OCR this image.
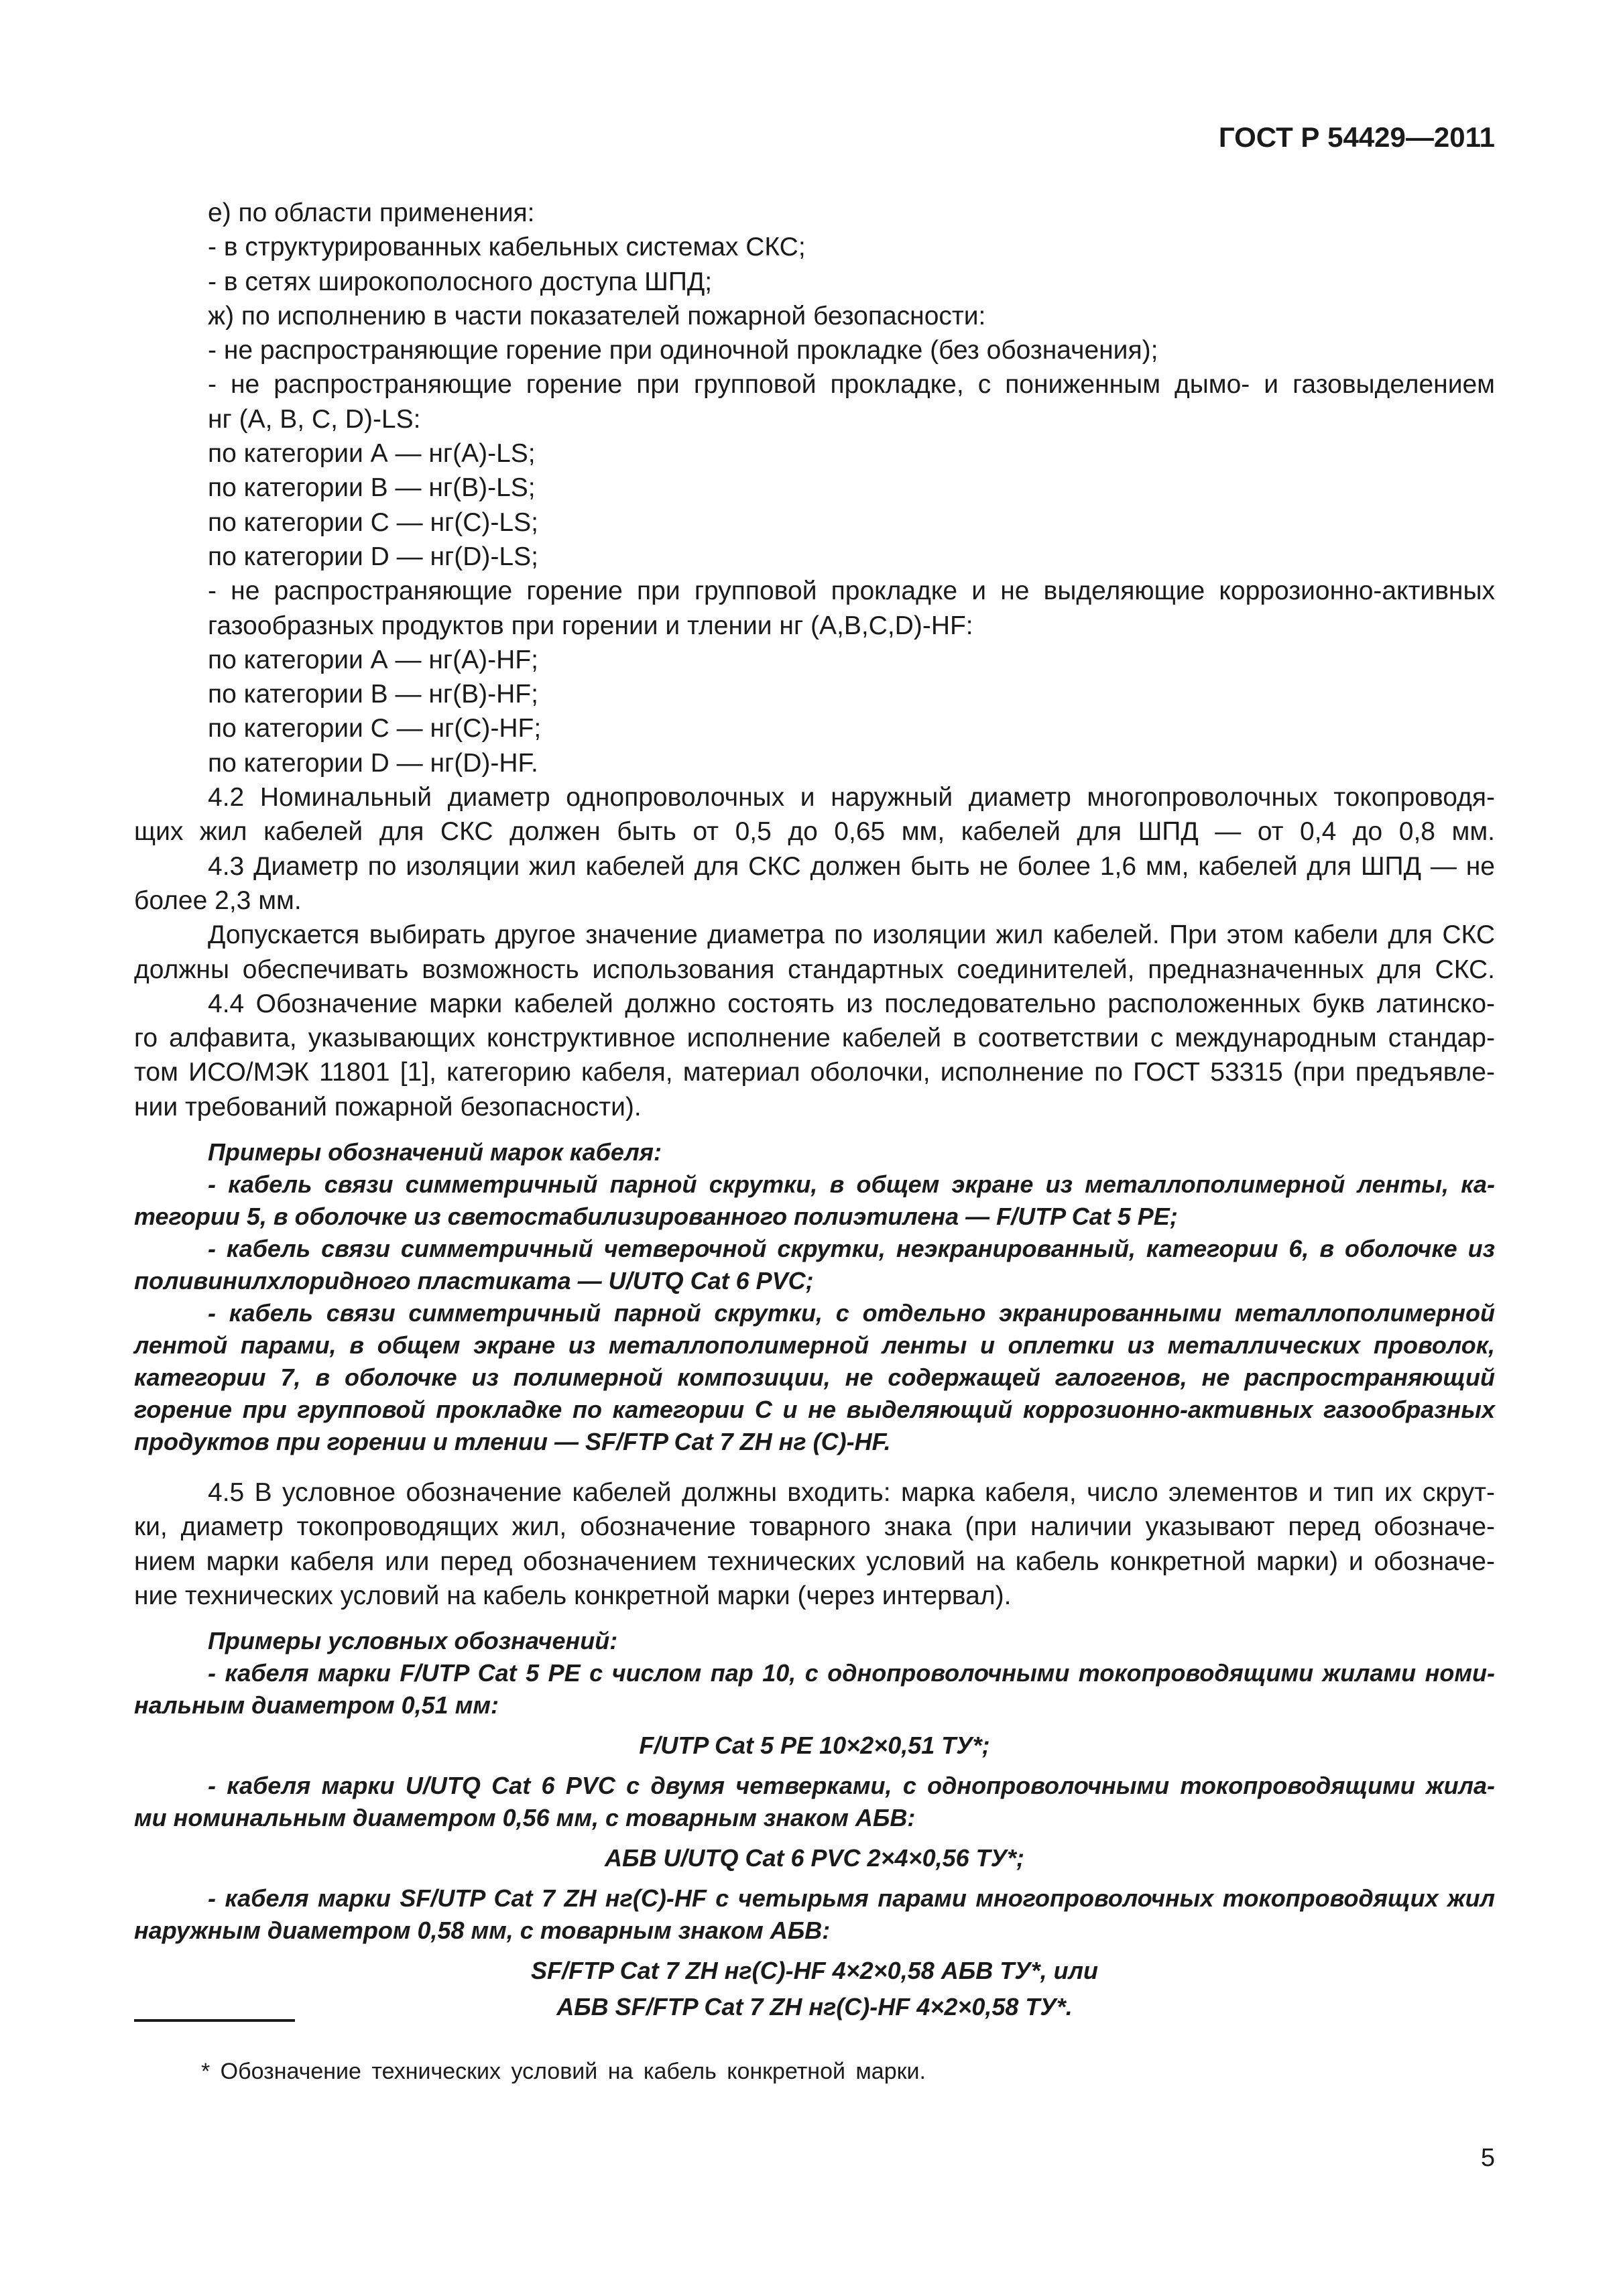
ГОСТ Р 54429—2011
е) по области применения:
- в структурированных кабельных системах СКС;
- в сетях широкополосного доступа ШПД;
ж) по исполнению в части показателей пожарной безопасности:
- не распространяющие горение при одиночной прокладке (без обозначения);
- не распространяющие горение при групповой прокладке, с пониженным дымо- и газовыделением
нг (А, В, С, D)-LS:
по категории А — нг(А)-LS;
по категории В — нг(В)-LS;
по категории С — нг(С)-LS;
по категории D — нг(D)-LS;
- не распространяющие горение при групповой прокладке и не выделяющие коррозионно-активных
газообразных продуктов при горении и тлении нг (А,В,С,D)-HF:
по категории А — нг(А)-HF;
по категории В — нг(В)-HF;
по категории С — нг(С)-HF;
по категории D — нг(D)-HF.
4.2 Номинальный диаметр однопроволочных и наружный диаметр многопроволочных токопроводя-
щих жил кабелей для СКС должен быть от 0,5 до 0,65 мм, кабелей для ШПД — от 0,4 до 0,8 мм.
4.3 Диаметр по изоляции жил кабелей для СКС должен быть не более 1,6 мм, кабелей для ШПД — не
более 2,3 мм.
Допускается выбирать другое значение диаметра по изоляции жил кабелей. При этом кабели для СКС
должны обеспечивать возможность использования стандартных соединителей, предназначенных для СКС.
4.4 Обозначение марки кабелей должно состоять из последовательно расположенных букв латинско-
го алфавита, указывающих конструктивное исполнение кабелей в соответствии с международным стандар-
том ИСО/МЭК 11801 [1], категорию кабеля, материал оболочки, исполнение по ГОСТ 53315 (при предъявле-
нии требований пожарной безопасности).
Примеры обозначений марок кабеля:
- кабель связи симметричный парной скрутки, в общем экране из металлополимерной ленты, ка-
тегории 5, в оболочке из светостабилизированного полиэтилена — F/UTP Cat 5 PE;
- кабель связи симметричный четверочной скрутки, неэкранированный, категории 6, в оболочке из
поливинилхлоридного пластиката — U/UTQ Cat 6 PVC;
- кабель связи симметричный парной скрутки, с отдельно экранированными металлополимерной
лентой парами, в общем экране из металлополимерной ленты и оплетки из металлических проволок,
категории 7, в оболочке из полимерной композиции, не содержащей галогенов, не распространяющий
горение при групповой прокладке по категории С и не выделяющий коррозионно-активных газообразных
продуктов при горении и тлении — SF/FTP Cat 7 ZH нг (С)-HF.
4.5 В условное обозначение кабелей должны входить: марка кабеля, число элементов и тип их скрут-
ки, диаметр токопроводящих жил, обозначение товарного знака (при наличии указывают перед обозначе-
нием марки кабеля или перед обозначением технических условий на кабель конкретной марки) и обозначе-
ние технических условий на кабель конкретной марки (через интервал).
Примеры условных обозначений:
- кабеля марки F/UTP Cat 5 PE с числом пар 10, с однопроволочными токопроводящими жилами номи-
нальным диаметром 0,51 мм:
F/UTP Cat 5 PE 10×2×0,51 ТУ*;
- кабеля марки U/UTQ Cat 6 PVC с двумя четверками, с однопроволочными токопроводящими жила-
ми номинальным диаметром 0,56 мм, с товарным знаком АБВ:
АБВ U/UTQ Cat 6 PVC 2×4×0,56 ТУ*;
- кабеля марки SF/UTP Cat 7 ZH нг(С)-HF с четырьмя парами многопроволочных токопроводящих жил
наружным диаметром 0,58 мм, с товарным знаком АБВ:
SF/FTP Cat 7 ZH нг(С)-HF 4×2×0,58 АБВ ТУ*, или
АБВ SF/FTP Cat 7 ZH нг(С)-HF 4×2×0,58 ТУ*.
* Обозначение технических условий на кабель конкретной марки.
5
